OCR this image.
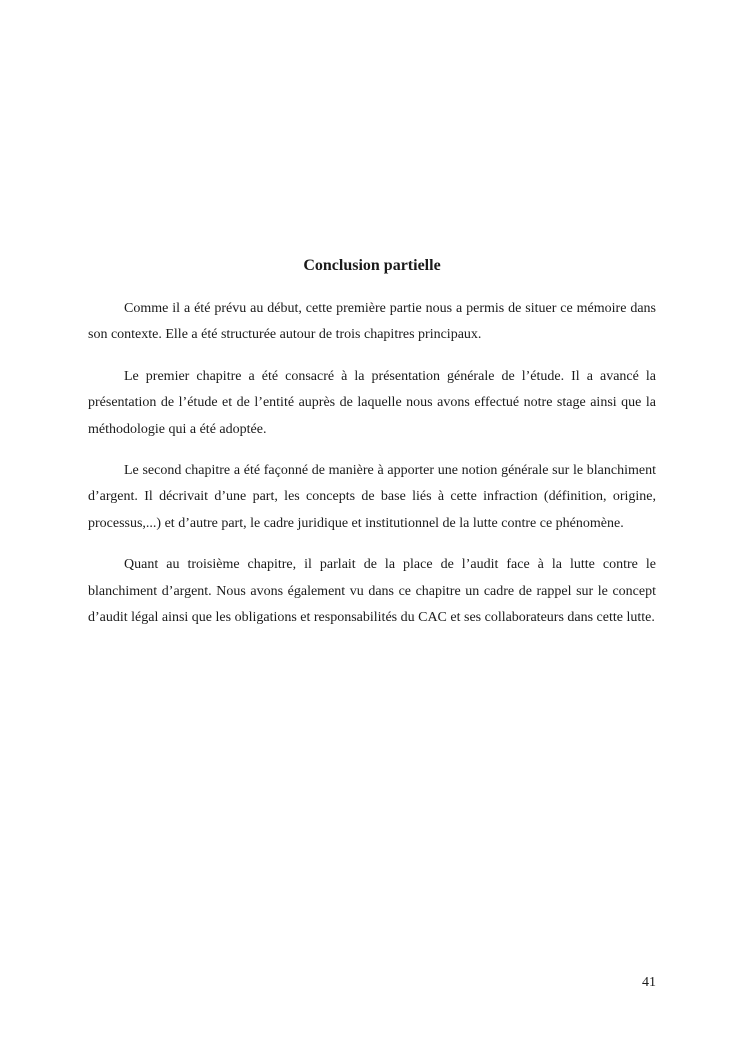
Conclusion partielle

Comme il a été prévu au début, cette première partie nous a permis de situer ce mémoire dans son contexte. Elle a été structurée autour de trois chapitres principaux.

Le premier chapitre a été consacré à la présentation générale de l’étude. Il a avancé la présentation de l’étude et de l’entité auprès de laquelle nous avons effectué notre stage ainsi que la méthodologie qui a été adoptée.

Le second chapitre a été façonné de manière à apporter une notion générale sur le blanchiment d’argent. Il décrivait d’une part, les concepts de base liés à cette infraction (définition, origine, processus,...) et d’autre part, le cadre juridique et institutionnel de la lutte contre ce phénomène.

Quant au troisième chapitre, il parlait de la place de l’audit face à la lutte contre le blanchiment d’argent. Nous avons également vu dans ce chapitre un cadre de rappel sur le concept d’audit légal ainsi que les obligations et responsabilités du CAC et ses collaborateurs dans cette lutte.

41
